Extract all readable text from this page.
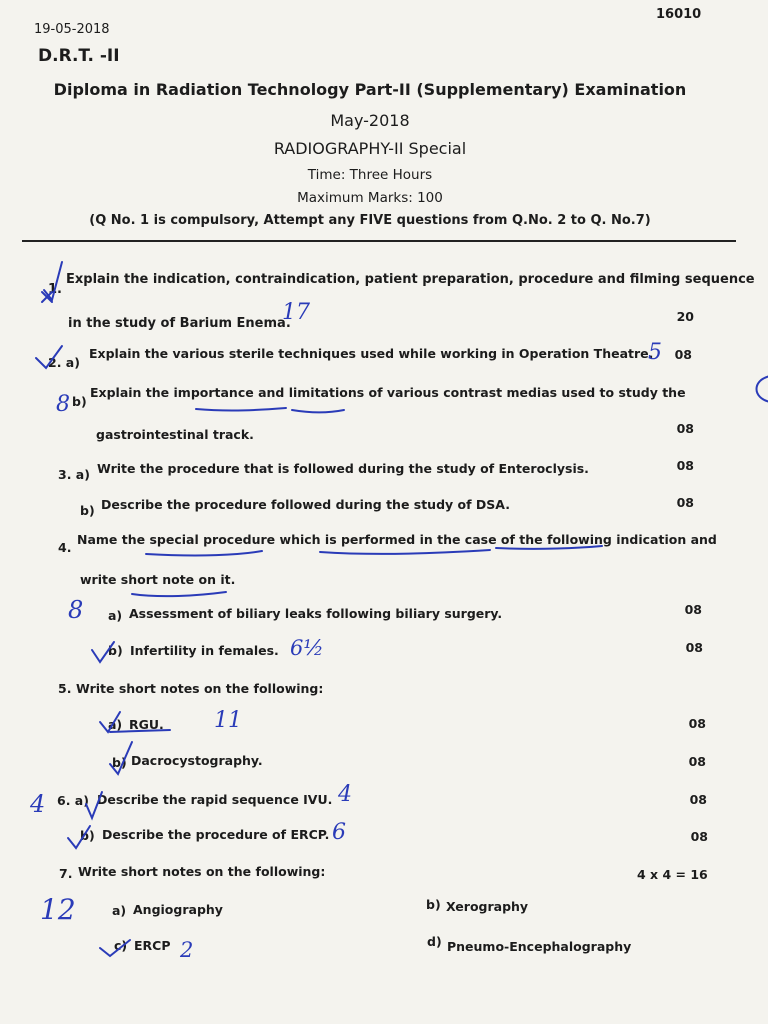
19-05-2018
16010
D.R.T. -II
Diploma in Radiation Technology Part-II (Supplementary) Examination
May-2018
RADIOGRAPHY-II Special
Time: Three Hours
Maximum Marks: 100
(Q No. 1 is compulsory, Attempt any FIVE questions from Q.No. 2 to Q. No.7)
1.
Explain the indication, contraindication, patient preparation, procedure and filming sequence
in the study of Barium Enema.	20
2. a)
Explain the various sterile techniques used while working in Operation Theatre.	08
b)
Explain the importance and limitations of various contrast medias used to study the
gastrointestinal track.	08
3. a) Write the procedure that is followed during the study of Enteroclysis.	08
b) Describe the procedure followed during the study of DSA.	08
4.
Name the special procedure which is performed in the case of the following indication and
write short note on it.
a) Assessment of biliary leaks following biliary surgery.	08
b) Infertility in females.	08
5. Write short notes on the following:
a) RGU.	08
b) Dacrocystography.	08
6. a) Describe the rapid sequence IVU.	08
b) Describe the procedure of ERCP.	08
7. Write short notes on the following:	4 x 4 = 16
a) Angiography	b) Xerography
c) ERCP	d) Pneumo-Encephalography
17
5
8
8
6½
11
4
4
6
12
2
